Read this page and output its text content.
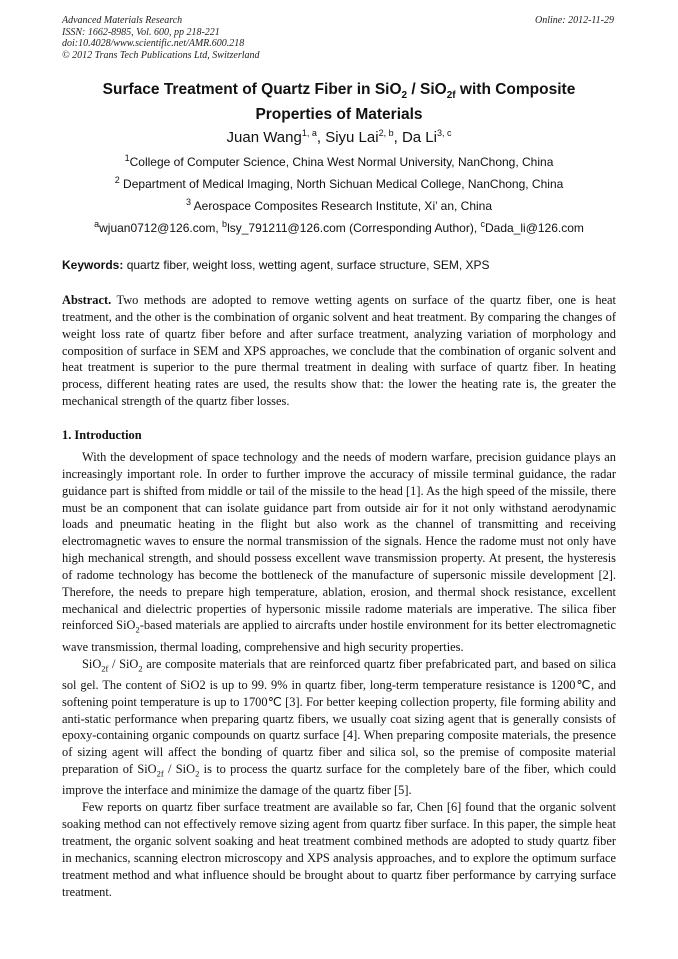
Advanced Materials Research
ISSN: 1662-8985, Vol. 600, pp 218-221
doi:10.4028/www.scientific.net/AMR.600.218
© 2012 Trans Tech Publications Ltd, Switzerland
Online: 2012-11-29
Surface Treatment of Quartz Fiber in SiO$_2$ / SiO$_{2f}$ with Composite
Properties of Materials
Juan Wang$^{1, a}$, Siyu Lai$^{2, b}$, Da Li$^{3, c}$
$^1$College of Computer Science, China West Normal University, NanChong, China
$^2$ Department of Medical Imaging, North Sichuan Medical College, NanChong, China
$^3$ Aerospace Composites Research Institute, Xi’ an, China
$^a$wjuan0712@126.com, $^b$lsy_791211@126.com (Corresponding Author), $^c$Dada_li@126.com
Keywords: quartz fiber, weight loss, wetting agent, surface structure, SEM, XPS

Abstract. Two methods are adopted to remove wetting agents on surface of the quartz fiber, one is heat treatment, and the other is the combination of organic solvent and heat treatment. By comparing the changes of weight loss rate of quartz fiber before and after surface treatment, analyzing variation of morphology and composition of surface in SEM and XPS approaches, we conclude that the combination of organic solvent and heat treatment is superior to the pure thermal treatment in dealing with surface of quartz fiber. In heating process, different heating rates are used, the results show that: the lower the heating rate is, the greater the mechanical strength of the quartz fiber losses.

1. Introduction

With the development of space technology and the needs of modern warfare, precision guidance plays an increasingly important role. In order to further improve the accuracy of missile terminal guidance, the radar guidance part is shifted from middle or tail of the missile to the head [1]. As the high speed of the missile, there must be an component that can isolate guidance part from outside air for it not only withstand aerodynamic loads and pneumatic heating in the flight but also work as the channel of transmitting and receiving electromagnetic waves to ensure the normal transmission of the signals. Hence the radome must not only have high mechanical strength, and should possess excellent wave transmission property. At present, the hysteresis of radome technology has become the bottleneck of the manufacture of supersonic missile development [2]. Therefore, the needs to prepare high temperature, ablation, erosion, and thermal shock resistance, excellent mechanical and dielectric properties of hypersonic missile radome materials are imperative. The silica fiber reinforced SiO$_2$-based materials are applied to aircrafts under hostile environment for its better electromagnetic wave transmission, thermal loading, comprehensive and high security properties.

SiO$_{2f}$ / SiO$_2$ are composite materials that are reinforced quartz fiber prefabricated part, and based on silica sol gel. The content of SiO2 is up to 99. 9% in quartz fiber, long-term temperature resistance is 1200℃, and softening point temperature is up to 1700℃ [3]. For better keeping collection property, file forming ability and anti-static performance when preparing quartz fibers, we usually coat sizing agent that is generally consists of epoxy-containing organic compounds on quartz surface [4]. When preparing composite materials, the presence of sizing agent will affect the bonding of quartz fiber and silica sol, so the premise of composite material preparation of SiO$_{2f}$ / SiO$_2$ is to process the quartz surface for the completely bare of the fiber, which could improve the interface and minimize the damage of the quartz fiber [5].

Few reports on quartz fiber surface treatment are available so far, Chen [6] found that the organic solvent soaking method can not effectively remove sizing agent from quartz fiber surface. In this paper, the simple heat treatment, the organic solvent soaking and heat treatment combined methods are adopted to study quartz fiber in mechanics, scanning electron microscopy and XPS analysis approaches, and to explore the optimum surface treatment method and what influence should be brought about to quartz fiber performance by carrying surface treatment.
